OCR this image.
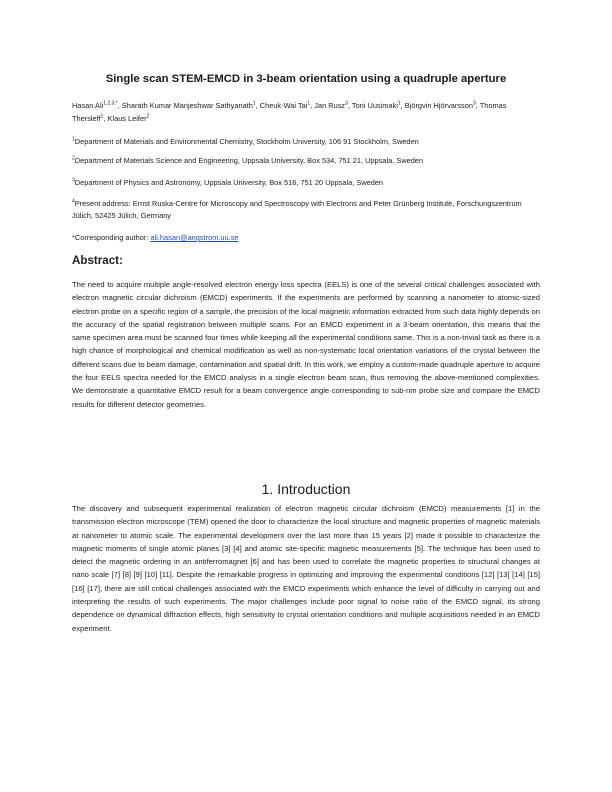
Single scan STEM-EMCD in 3-beam orientation using a quadruple aperture
Hasan Ali$^{1,2,3,*}$, Sharath Kumar Manjeshwar Sathyanath$^1$, Cheuk-Wai Tai$^1$, Jan Rusz$^3$, Toni Uusimaki$^1$, Björgvin Hjörvarsson$^3$, Thomas Thersleff$^1$, Klaus Leifer$^2$
$^1$Department of Materials and Environmental Chemistry, Stockholm University, 106 91 Stockholm, Sweden
$^2$Department of Materials Science and Engineering, Uppsala University, Box 534, 751 21, Uppsala, Sweden
$^3$Department of Physics and Astronomy, Uppsala University, Box 516, 751 20 Uppsala, Sweden
$^4$Present address: Ernst Ruska-Centre for Microscopy and Spectroscopy with Electrons and Peter Grünberg Institute, Forschungszentrum Jülich, 52425 Jülich, Germany
*Corresponding author: ali.hasan@angstrom.uu.se
Abstract:

The need to acquire multiple angle-resolved electron energy loss spectra (EELS) is one of the several critical challenges associated with electron magnetic circular dichroism (EMCD) experiments. If the experiments are performed by scanning a nanometer to atomic-sized electron probe on a specific region of a sample, the precision of the local magnetic information extracted from such data highly depends on the accuracy of the spatial registration between multiple scans. For an EMCD experiment in a 3-beam orientation, this means that the same specimen area must be scanned four times while keeping all the experimental conditions same. This is a non-trivial task as there is a high chance of morphological and chemical modification as well as non-systematic local orientation variations of the crystal between the different scans due to beam damage, contamination and spatial drift. In this work, we employ a custom-made quadruple aperture to acquire the four EELS spectra needed for the EMCD analysis in a single electron beam scan, thus removing the above-mentioned complexities. We demonstrate a quantitative EMCD result for a beam convergence angle corresponding to sub-nm probe size and compare the EMCD results for different detector geometries.

1. Introduction

The discovery and subsequent experimental realization of electron magnetic circular dichroism (EMCD) measurements [1] in the transmission electron microscope (TEM) opened the door to characterize the local structure and magnetic properties of magnetic materials at nanometer to atomic scale. The experimental development over the last more than 15 years [2] made it possible to characterize the magnetic moments of single atomic planes [3] [4] and atomic site-specific magnetic measurements [5]. The technique has been used to detect the magnetic ordering in an antiferromagnet [6] and has been used to correlate the magnetic properties to structural changes at nano scale [7] [8] [9] [10] [11]. Despite the remarkable progress in optimizing and improving the experimental conditions [12] [13] [14] [15] [16] [17], there are still critical challenges associated with the EMCD experiments which enhance the level of difficulty in carrying out and interpreting the results of such experiments. The major challenges include poor signal to noise ratio of the EMCD signal, its strong dependence on dynamical diffraction effects, high sensitivity to crystal orientation conditions and multiple acquisitions needed in an EMCD experiment.
